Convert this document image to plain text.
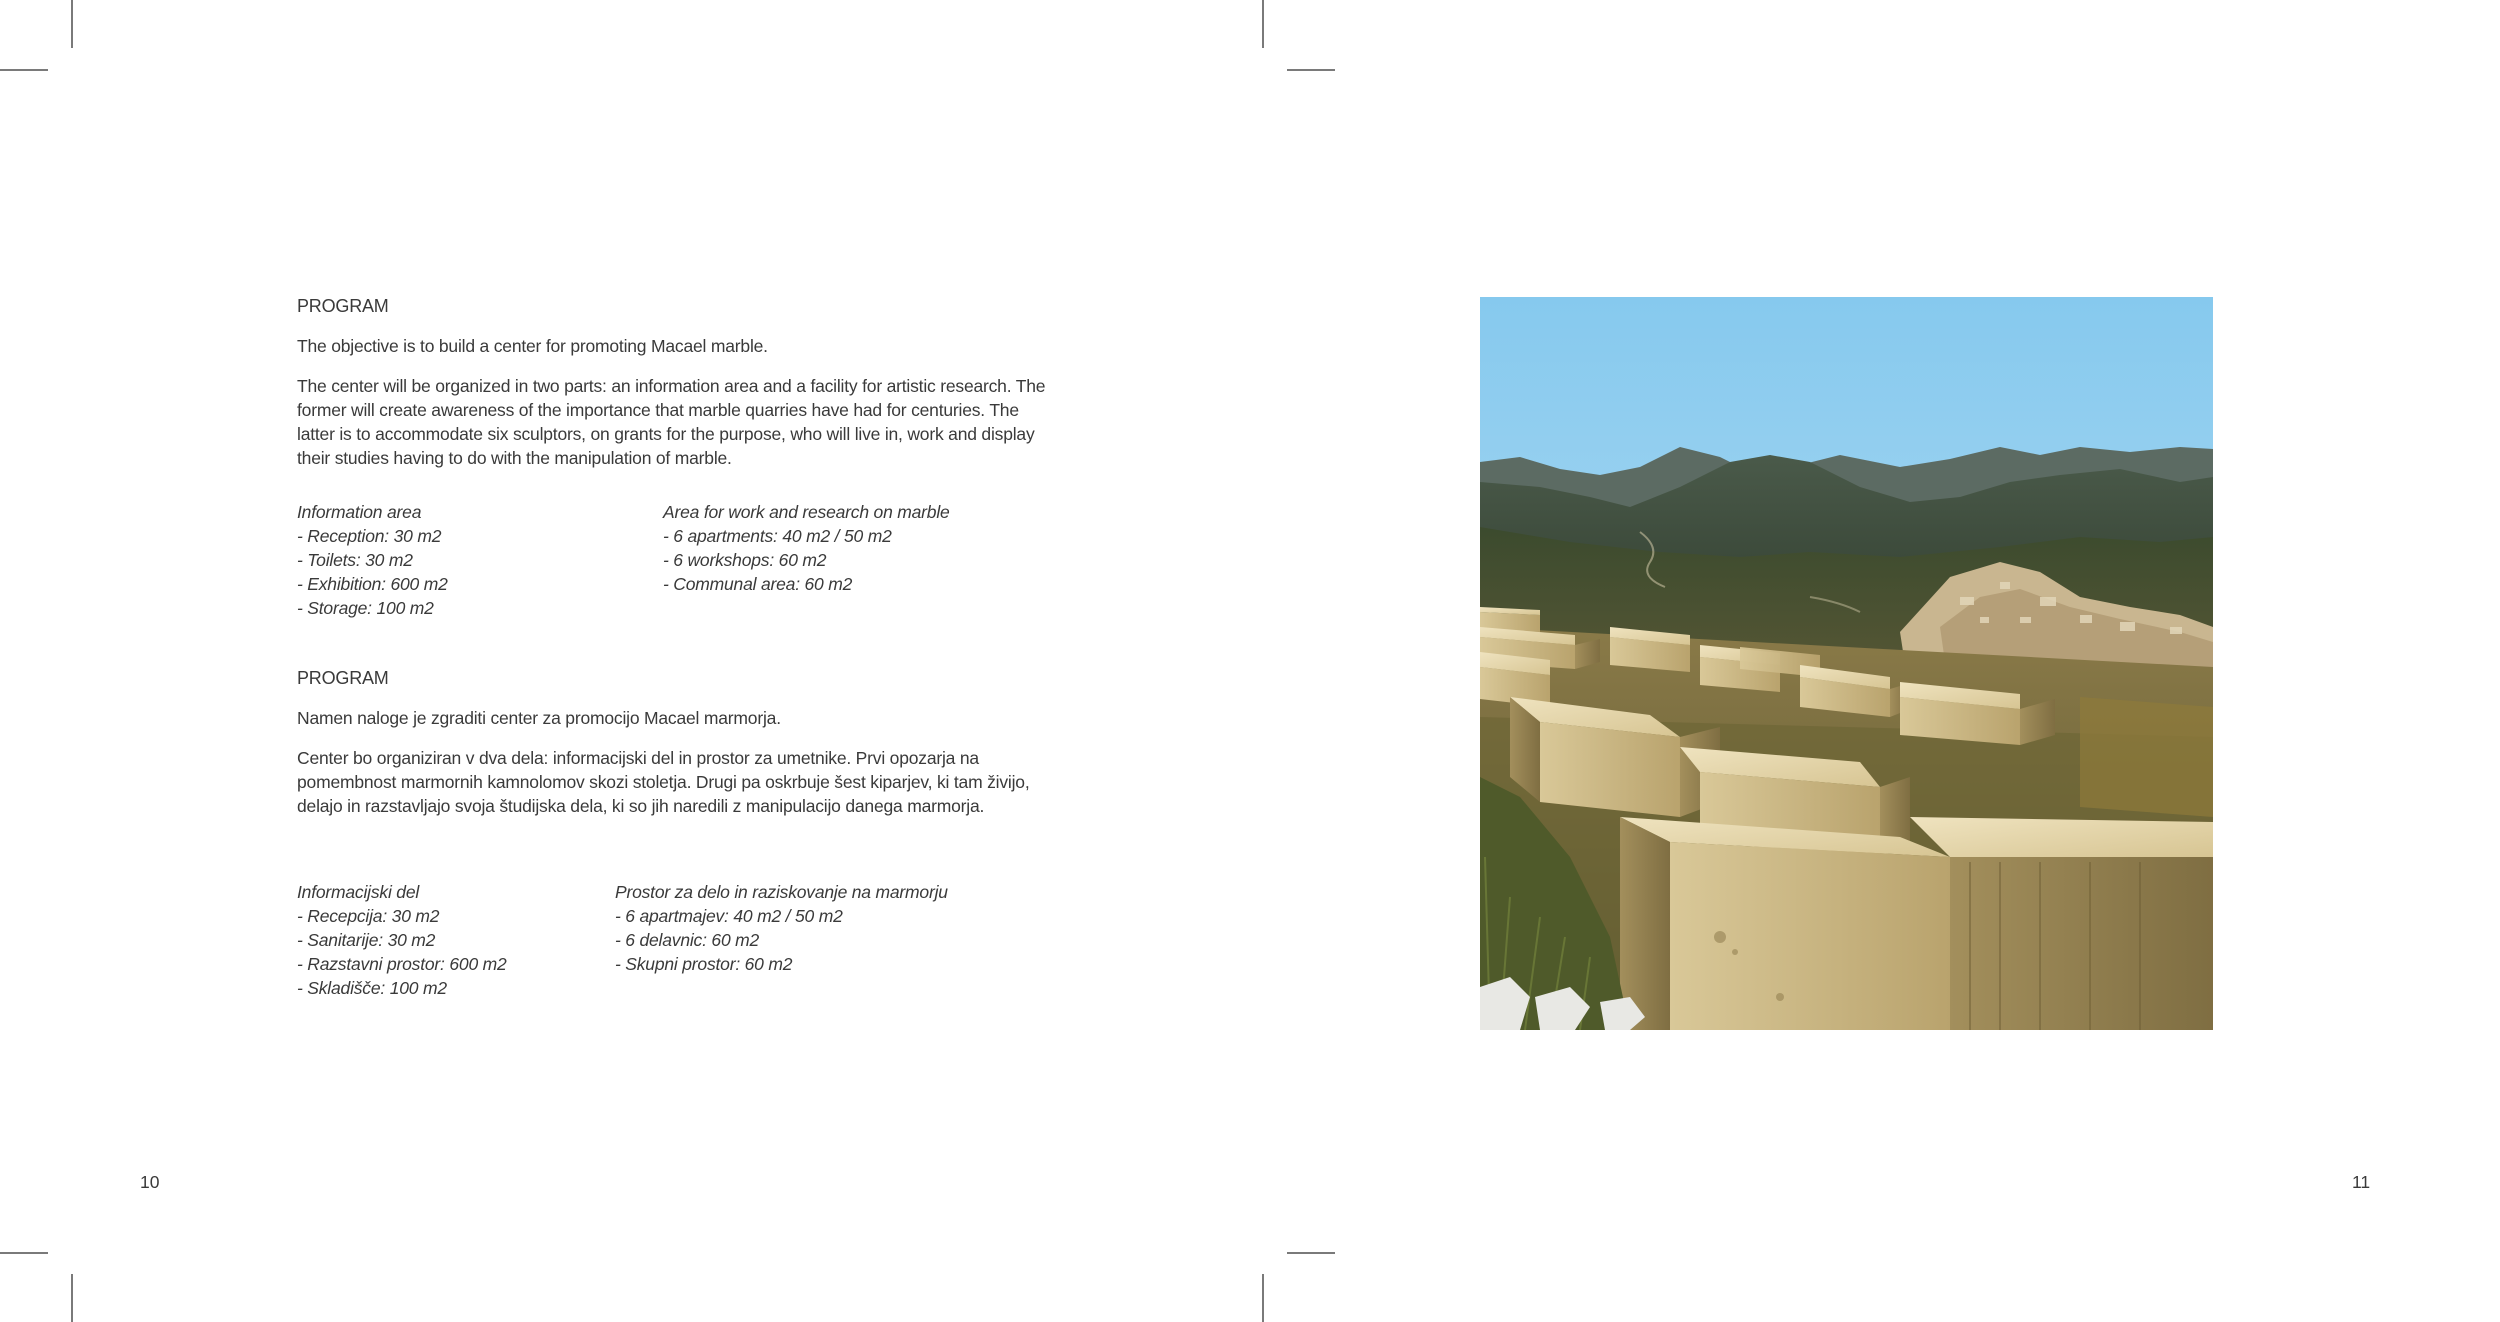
PROGRAM

The objective is to build a center for promoting Macael marble.

The center will be organized in two parts: an information area and a facility for artistic research. The

former will create awareness of the importance that marble quarries have had for centuries. The

latter is to accommodate six sculptors, on grants for the purpose, who will live in, work and display

their studies having to do with the manipulation of marble.

Information area
- Reception: 30 m2
- Toilets: 30 m2
- Exhibition: 600 m2
- Storage: 100 m2
Area for work and research on marble
- 6 apartments: 40 m2 / 50 m2
- 6 workshops: 60 m2
- Communal area: 60 m2

PROGRAM

Namen naloge je zgraditi center za promocijo Macael marmorja.

Center bo organiziran v dva dela: informacijski del in prostor za umetnike. Prvi opozarja na

pomembnost marmornih kamnolomov skozi stoletja. Drugi pa oskrbuje šest kiparjev, ki tam živijo,

delajo in razstavljajo svoja študijska dela, ki so jih naredili z manipulacijo danega marmorja.

Informacijski del
- Recepcija: 30 m2
- Sanitarije: 30 m2
- Razstavni prostor: 600 m2
- Skladišče: 100 m2
Prostor za delo in raziskovanje na marmorju
- 6 apartmajev: 40 m2 / 50 m2
- 6 delavnic: 60 m2
- Skupni prostor: 60 m2
10	11
